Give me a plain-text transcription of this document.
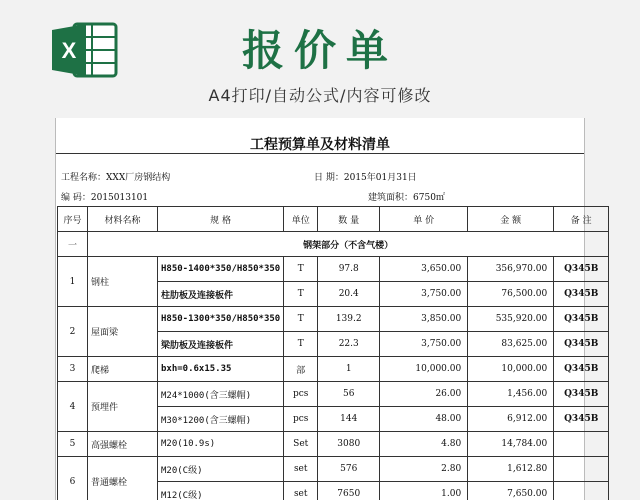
X	报价单
A4打印/自动公式/内容可修改
工程预算单及材料清单
工程名称：XXX厂房钢结构	日 期：2015年01月31日
编 码：2015013101	建筑面积：6750㎡
序号	材料名称	规 格	单位	数 量	单 价	金 额	备 注
一	钢架部分（不含气楼）						
1	钢柱	H850-1400*350/H850*350	T	97.8	3,650.00	356,970.00	Q345B
		柱肋板及连接板件	T	20.4	3,750.00	76,500.00	Q345B
2	屋面梁	H850-1300*350/H850*350	T	139.2	3,850.00	535,920.00	Q345B
		梁肋板及连接板件	T	22.3	3,750.00	83,625.00	Q345B
3	爬梯	bxh=0.6x15.35	部	1	10,000.00	10,000.00	Q345B
4	预埋件	M24*1000(含三螺帽)	pcs	56	26.00	1,456.00	Q345B
		M30*1200(含三螺帽)	pcs	144	48.00	6,912.00	Q345B
5	高强螺栓	M20(10.9s)	Set	3080	4.80	14,784.00	
6	普通螺栓	M20(C级)	set	576	2.80	1,612.80	
		M12(C级)	set	7650	1.00	7,650.00	
